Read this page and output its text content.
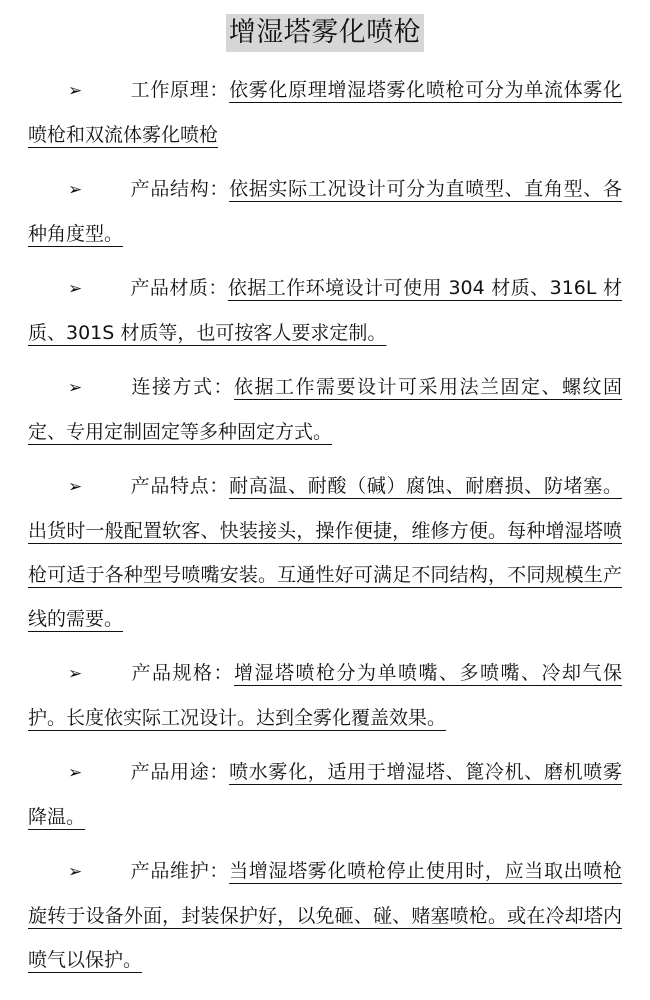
增湿塔雾化喷枪

➢	工作原理：依雾化原理增湿塔雾化喷枪可分为单流体雾化喷枪和双流体雾化喷枪

➢	产品结构：依据实际工况设计可分为直喷型、直角型、各种角度型。

➢	产品材质：依据工作环境设计可使用 304 材质、316L 材质、301S 材质等，也可按客人要求定制。

➢	连接方式：依据工作需要设计可采用法兰固定、螺纹固定、专用定制固定等多种固定方式。

➢	产品特点：耐高温、耐酸（碱）腐蚀、耐磨损、防堵塞。出货时一般配置软客、快装接头，操作便捷，维修方便。每种增湿塔喷枪可适于各种型号喷嘴安装。互通性好可满足不同结构，不同规模生产线的需要。

➢	产品规格：增湿塔喷枪分为单喷嘴、多喷嘴、冷却气保护。长度依实际工况设计。达到全雾化覆盖效果。

➢	产品用途：喷水雾化，适用于增湿塔、篦冷机、磨机喷雾降温。

➢	产品维护：当增湿塔雾化喷枪停止使用时，应当取出喷枪旋转于设备外面，封装保护好，以免砸、碰、赌塞喷枪。或在冷却塔内喷气以保护。
